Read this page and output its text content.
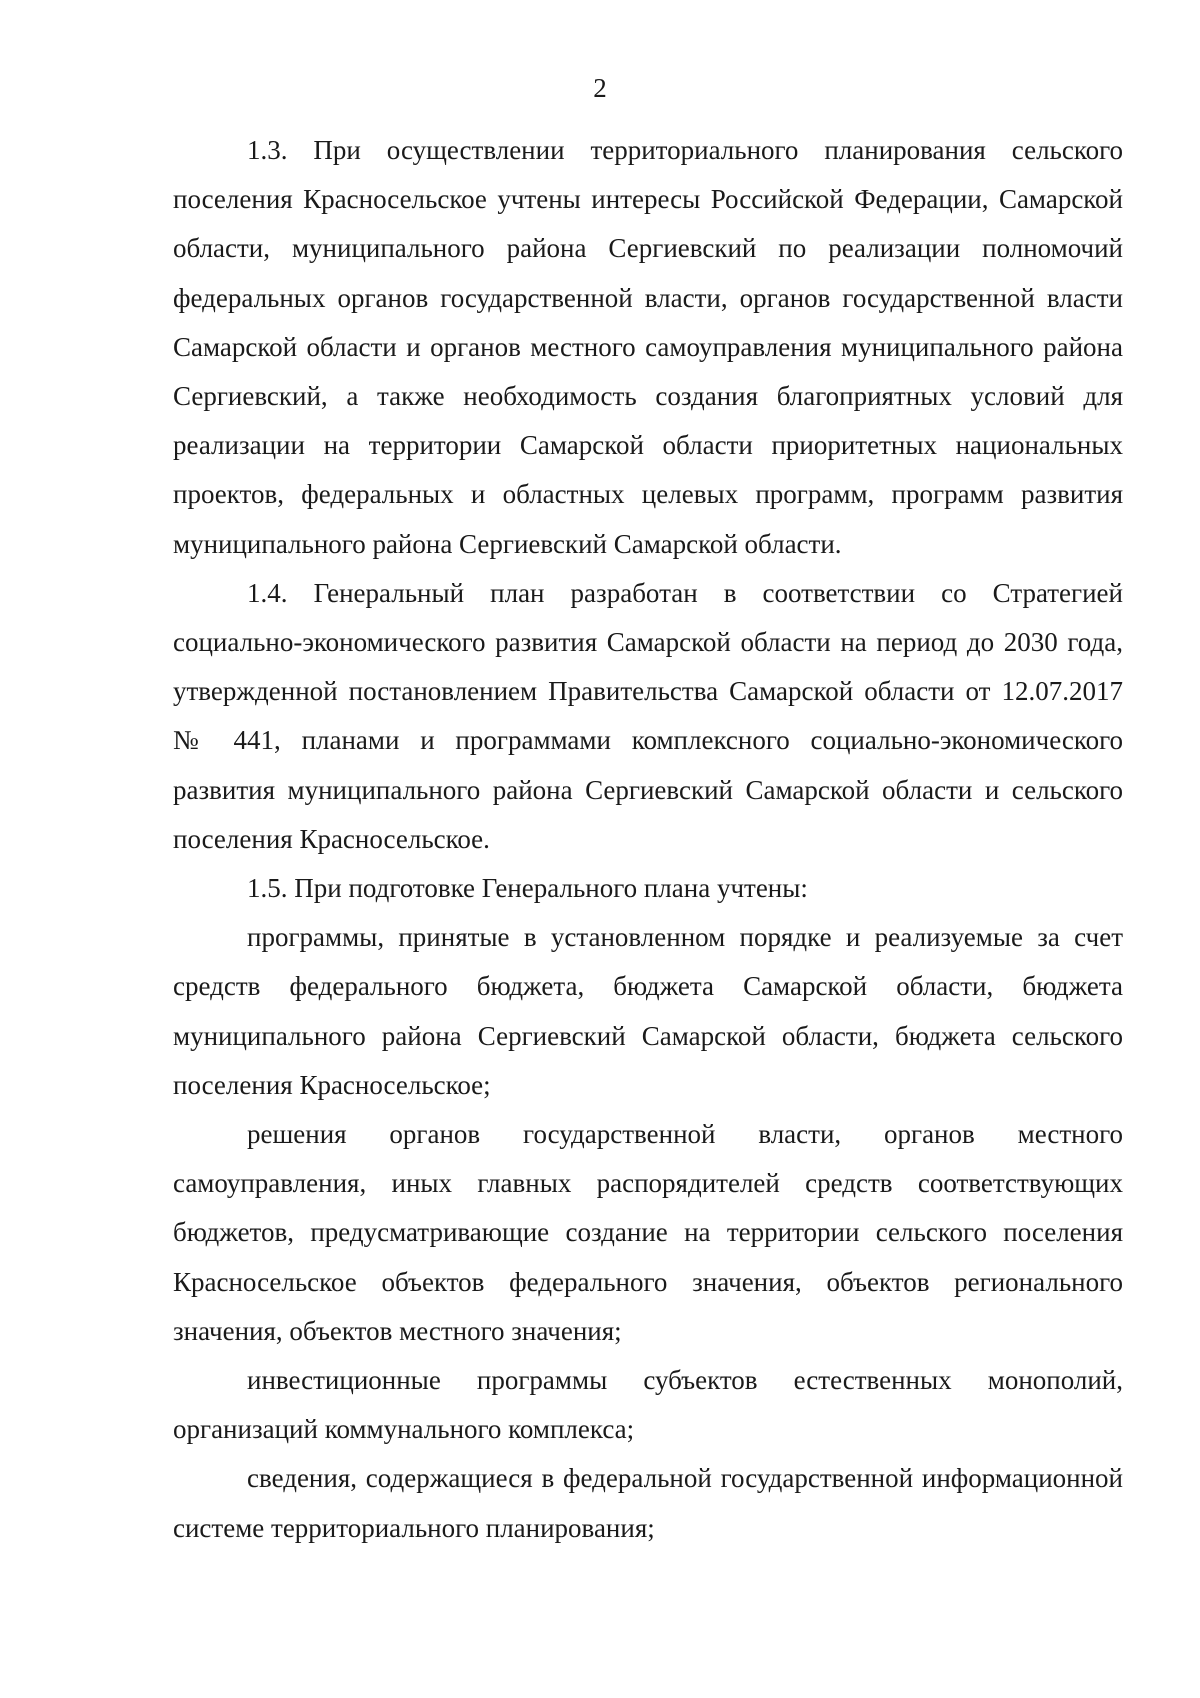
2

1.3. При осуществлении территориального планирования сельского поселения Красносельское учтены интересы Российской Федерации, Самарской области, муниципального района Сергиевский по реализации полномочий федеральных органов государственной власти, органов государственной власти Самарской области и органов местного самоуправления муниципального района Сергиевский, а также необходимость создания благоприятных условий для реализации на территории Самарской области приоритетных национальных проектов, федеральных и областных целевых программ, программ развития муниципального района Сергиевский Самарской области.

1.4. Генеральный план разработан в соответствии со Стратегией социально-экономического развития Самарской области на период до 2030 года, утвержденной постановлением Правительства Самарской области от 12.07.2017 № 441, планами и программами комплексного социально-экономического развития муниципального района Сергиевский Самарской области и сельского поселения Красносельское.

1.5. При подготовке Генерального плана учтены:

программы, принятые в установленном порядке и реализуемые за счет средств федерального бюджета, бюджета Самарской области, бюджета муниципального района Сергиевский Самарской области, бюджета сельского поселения Красносельское;

решения органов государственной власти, органов местного самоуправления, иных главных распорядителей средств соответствующих бюджетов, предусматривающие создание на территории сельского поселения Красносельское объектов федерального значения, объектов регионального значения, объектов местного значения;

инвестиционные программы субъектов естественных монополий, организаций коммунального комплекса;

сведения, содержащиеся в федеральной государственной информационной системе территориального планирования;
